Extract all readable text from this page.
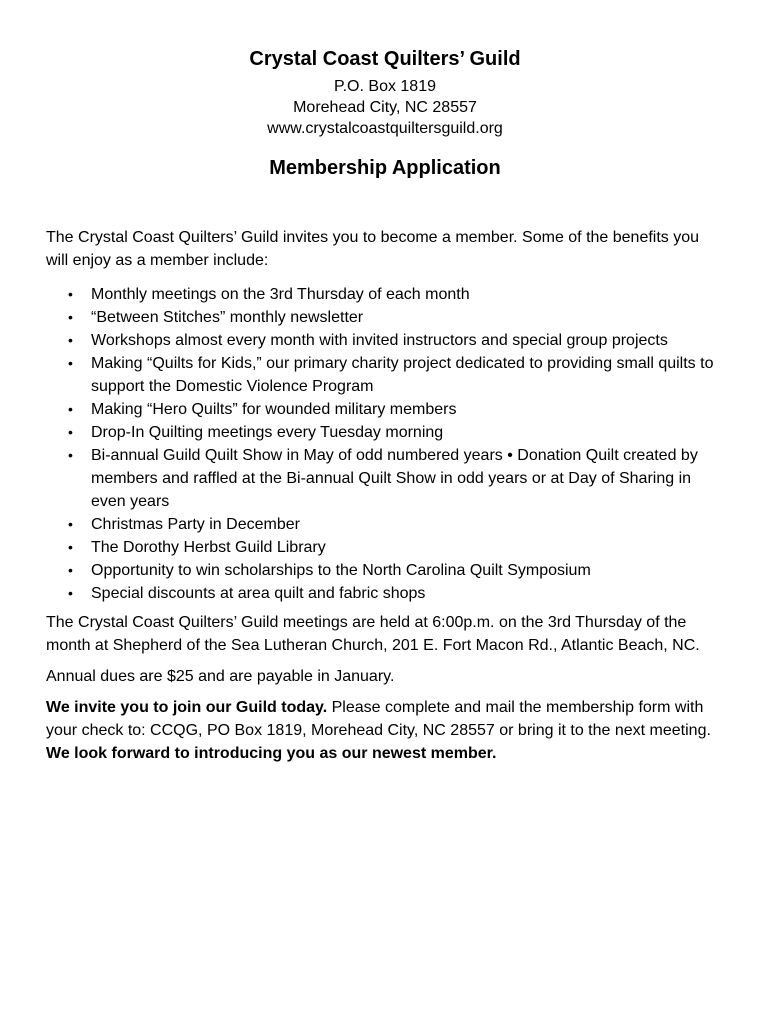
Crystal Coast Quilters’ Guild

P.O. Box 1819

Morehead City, NC 28557

www.crystalcoastquiltersguild.org

Membership Application

The Crystal Coast Quilters’ Guild invites you to become a member. Some of the benefits you will enjoy as a member include:

• Monthly meetings on the 3rd Thursday of each month
• “Between Stitches” monthly newsletter
• Workshops almost every month with invited instructors and special group projects
• Making “Quilts for Kids,” our primary charity project dedicated to providing small quilts to support the Domestic Violence Program
• Making “Hero Quilts” for wounded military members
• Drop-In Quilting meetings every Tuesday morning
• Bi-annual Guild Quilt Show in May of odd numbered years • Donation Quilt created by members and raffled at the Bi-annual Quilt Show in odd years or at Day of Sharing in even years
• Christmas Party in December
• The Dorothy Herbst Guild Library
• Opportunity to win scholarships to the North Carolina Quilt Symposium
• Special discounts at area quilt and fabric shops

The Crystal Coast Quilters’ Guild meetings are held at 6:00p.m. on the 3rd Thursday of the month at Shepherd of the Sea Lutheran Church, 201 E. Fort Macon Rd., Atlantic Beach, NC.

Annual dues are $25 and are payable in January.

We invite you to join our Guild today. Please complete and mail the membership form with your check to: CCQG, PO Box 1819, Morehead City, NC 28557 or bring it to the next meeting. We look forward to introducing you as our newest member.
